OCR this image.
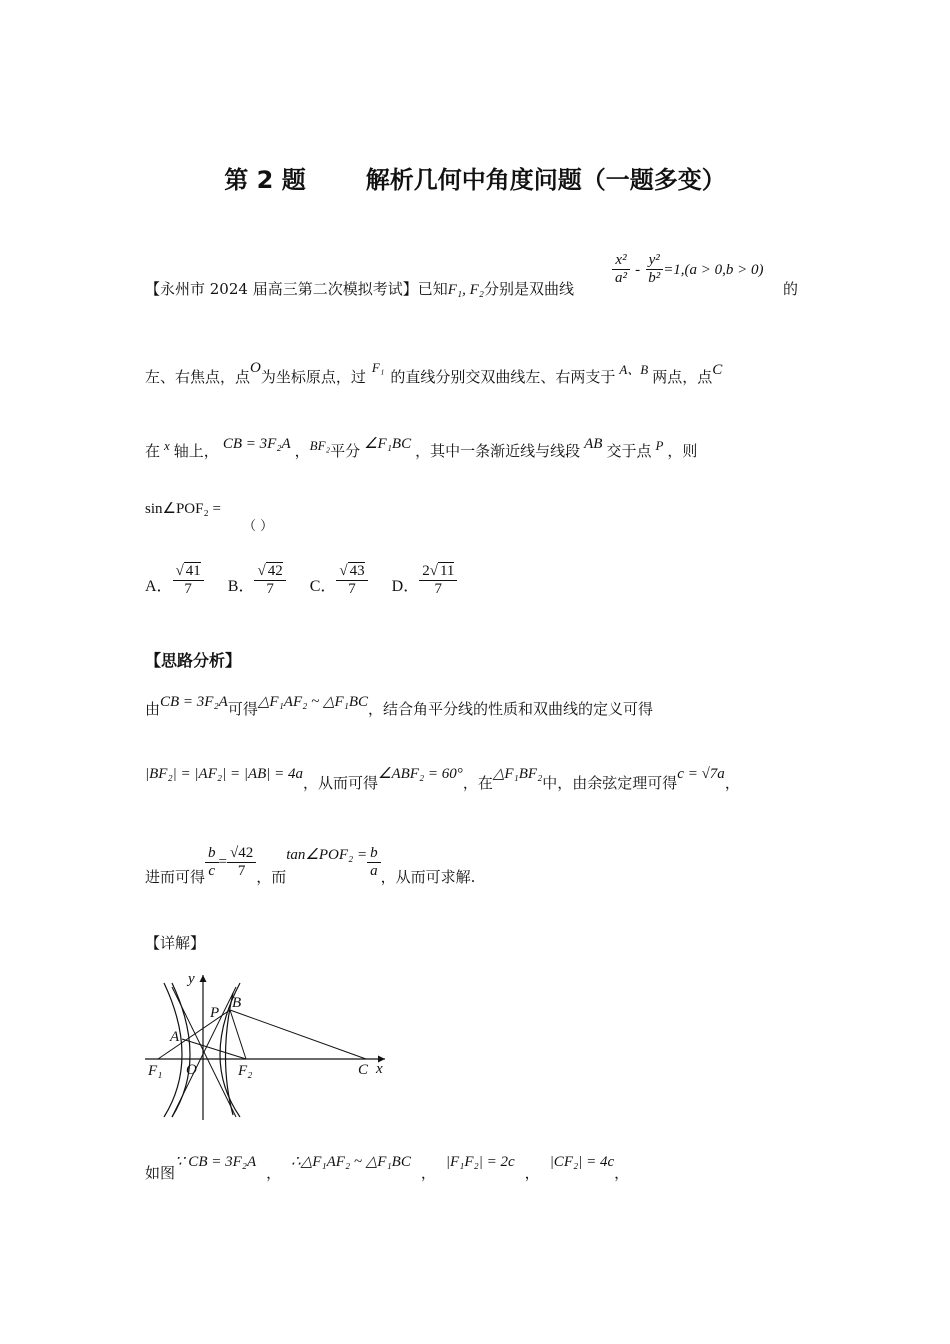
第 2 题	解析几何中角度问题（一题多变）
【永州市 2024 届高三第二次模拟考试】已知F₁, F₂分别是双曲线
$\frac{\text{x²}}{\text{a²}} - \frac{\text{y²}}{\text{b²}} =1,(a > 0,b > 0)$
的
左、右焦点，点O为坐标原点，过F₁的直线分别交双曲线左、右两支于 A、B 两点，点C
在 x 轴上， CB = 3F₂A ，BF₂平分 ∠F₁BC ，其中一条渐近线与线段 AB 交于点 P ，则
sin∠POF₂ =
（ ）
A． $\frac{√ 41}{7}$ B． $\frac{√ 42}{7}$ C． $\frac{√ 43}{7}$ D． $\frac{2√ 11}{7}$
【思路分析】
由CB = 3F₂A可得△F₁AF₂ ~ △F₁BC，结合角平分线的性质和双曲线的定义可得
|BF₂| = |AF₂| = |AB| = 4a，从而可得∠ABF₂ = 60°，在△F₁BF₂中，由余弦定理可得c = √7a，
进而可得 $\frac{b}{c} = \frac{√42}{7}$ ，而
tan∠POF₂ = $\frac{b}{a}$ ，从而可求解.
【详解】
y
x
B
P
A
F₁ O	F₂	C
如图∵ CB = 3F₂A，∴△F₁AF₂ ~ △F₁BC，|F₁F₂| = 2c，|CF₂| = 4c，
